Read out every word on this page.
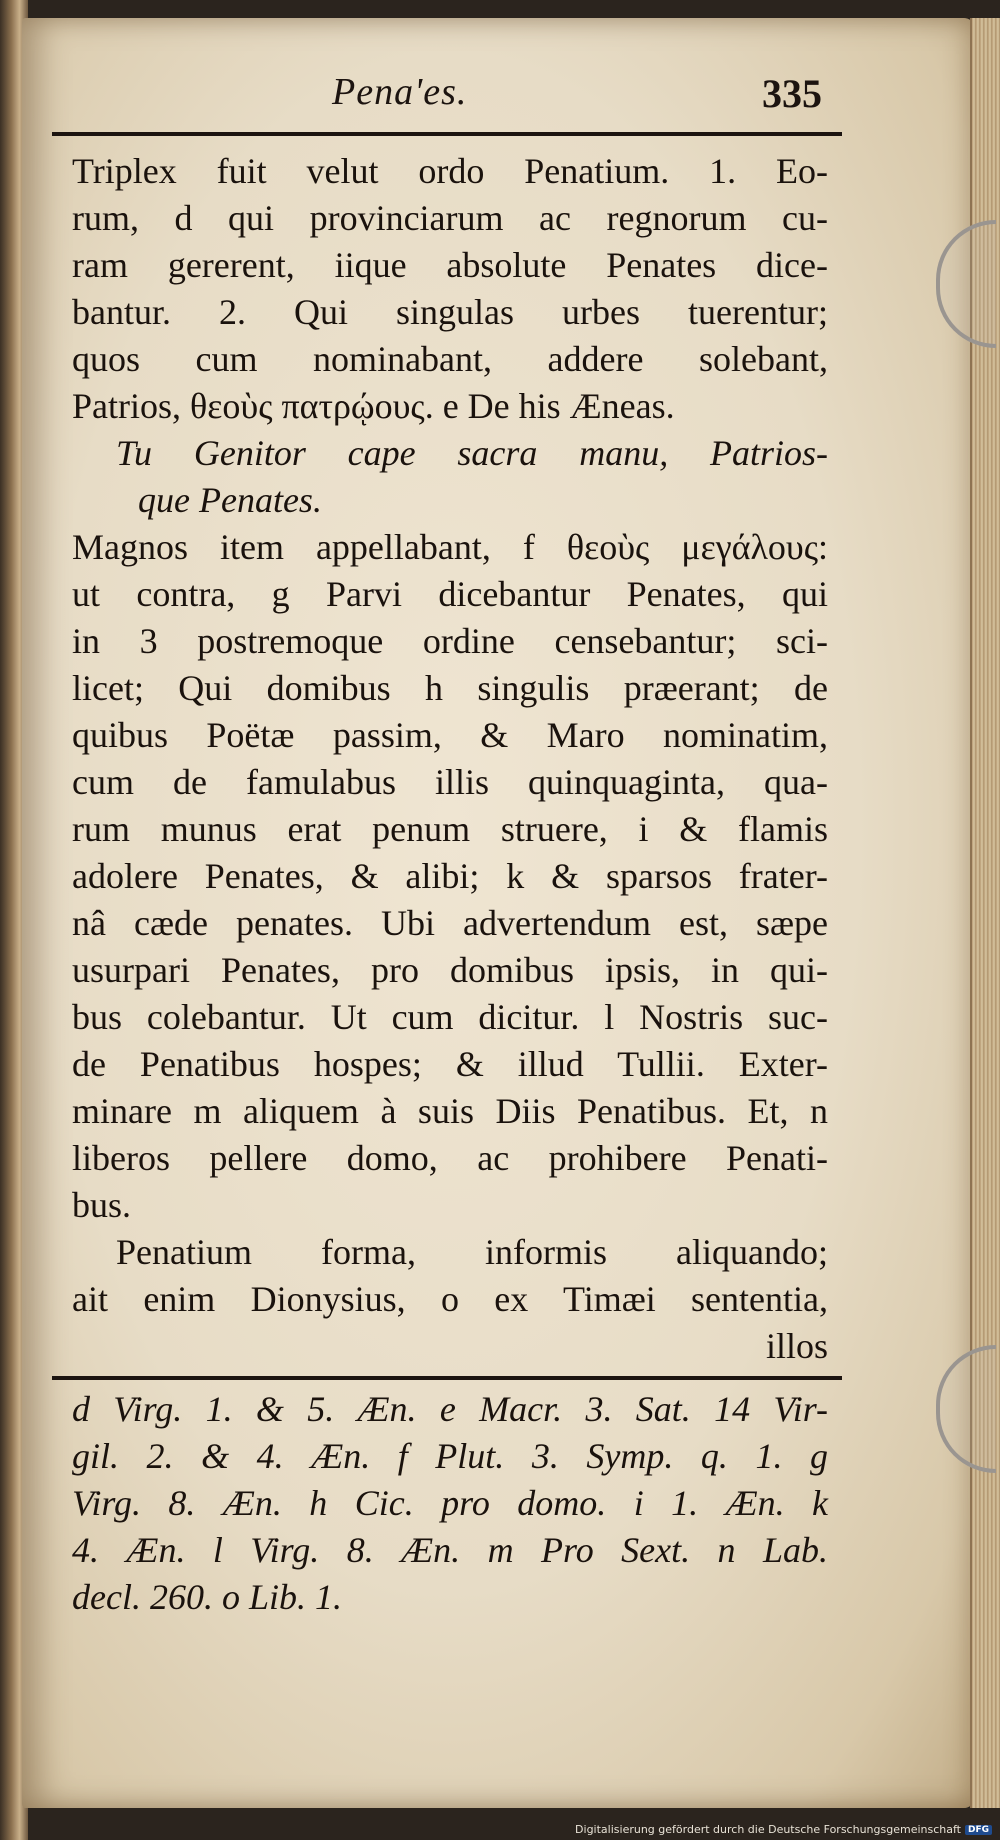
Pena'es.	335
Triplex fuit velut ordo Penatium. 1. Eo-
rum, d qui provinciarum ac regnorum cu-
ram gererent, iique absolute Penates dice-
bantur. 2. Qui singulas urbes tuerentur;
quos cum nominabant, addere solebant,
Patrios, θεοὺς πατρῴους. e De his Æneas.
Tu Genitor cape sacra manu, Patrios-
que Penates.
Magnos item appellabant, f θεοὺς μεγάλους:
ut contra, g Parvi dicebantur Penates, qui
in 3 postremoque ordine censebantur; sci-
licet; Qui domibus h singulis præerant; de
quibus Poëtæ passim, & Maro nominatim,
cum de famulabus illis quinquaginta, qua-
rum munus erat penum struere, i & flamis
adolere Penates, & alibi; k & sparsos frater-
nâ cæde penates. Ubi advertendum est, sæpe
usurpari Penates, pro domibus ipsis, in qui-
bus colebantur. Ut cum dicitur. l Nostris suc-
de Penatibus hospes; & illud Tullii. Exter-
minare m aliquem à suis Diis Penatibus. Et, n
liberos pellere domo, ac prohibere Penati-
bus.
Penatium forma, informis aliquando;
ait enim Dionysius, o ex Timæi sententia,
illos
d Virg. 1. & 5. Æn. e Macr. 3. Sat. 14 Vir-
gil. 2. & 4. Æn. f Plut. 3. Symp. q. 1. g
Virg. 8. Æn. h Cic. pro domo. i 1. Æn. k
4. Æn. l Virg. 8. Æn. m Pro Sext. n Lab.
decl. 260. o Lib. 1.
Digitalisierung gefördert durch die Deutsche Forschungsgemeinschaft DFG
